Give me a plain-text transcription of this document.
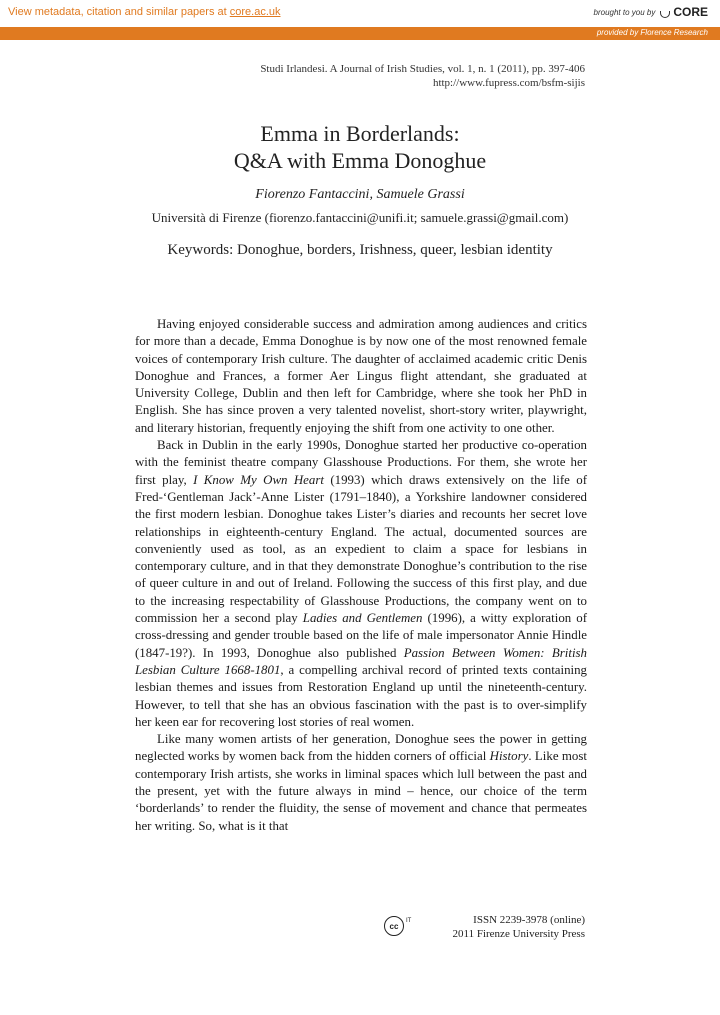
View metadata, citation and similar papers at core.ac.uk	brought to you by CORE
provided by Florence Research
Studi Irlandesi. A Journal of Irish Studies, vol. 1, n. 1 (2011), pp. 397-406
http://www.fupress.com/bsfm-sijis
Emma in Borderlands:
Q&A with Emma Donoghue
Fiorenzo Fantaccini, Samuele Grassi
Università di Firenze (fiorenzo.fantaccini@unifi.it; samuele.grassi@gmail.com)
Keywords: Donoghue, borders, Irishness, queer, lesbian identity

Having enjoyed considerable success and admiration among audiences and critics for more than a decade, Emma Donoghue is by now one of the most renowned female voices of contemporary Irish culture. The daughter of acclaimed academic critic Denis Donoghue and Frances, a former Aer Lingus flight attendant, she graduated at University College, Dublin and then left for Cambridge, where she took her PhD in English. She has since proven a very talented novelist, short-story writer, playwright, and literary historian, frequently enjoying the shift from one activity to one other.

Back in Dublin in the early 1990s, Donoghue started her productive co-operation with the feminist theatre company Glasshouse Productions. For them, she wrote her first play, I Know My Own Heart (1993) which draws extensively on the life of Fred-‘Gentleman Jack’-Anne Lister (1791–1840), a Yorkshire landowner considered the first modern lesbian. Donoghue takes Lister’s diaries and recounts her secret love relationships in eighteenth-century England. The actual, documented sources are conveniently used as tool, as an expedient to claim a space for lesbians in contemporary culture, and in that they demonstrate Donoghue’s contribution to the rise of queer culture in and out of Ireland. Following the success of this first play, and due to the increasing respectability of Glasshouse Productions, the company went on to commission her a second play Ladies and Gentlemen (1996), a witty exploration of cross-dressing and gender trouble based on the life of male impersonator Annie Hindle (1847-19?). In 1993, Donoghue also published Passion Between Women: British Lesbian Culture 1668-1801, a compelling archival record of printed texts containing lesbian themes and issues from Restoration England up until the nineteenth-century. However, to tell that she has an obvious fascination with the past is to over-simplify her keen ear for recovering lost stories of real women.

Like many women artists of her generation, Donoghue sees the power in getting neglected works by women back from the hidden corners of official History. Like most contemporary Irish artists, she works in liminal spaces which lull between the past and the present, yet with the future always in mind – hence, our choice of the term ‘borderlands’ to render the fluidity, the sense of movement and chance that permeates her writing. So, what is it that

cc
IT	ISSN 2239-3978 (online)
2011 Firenze University Press
